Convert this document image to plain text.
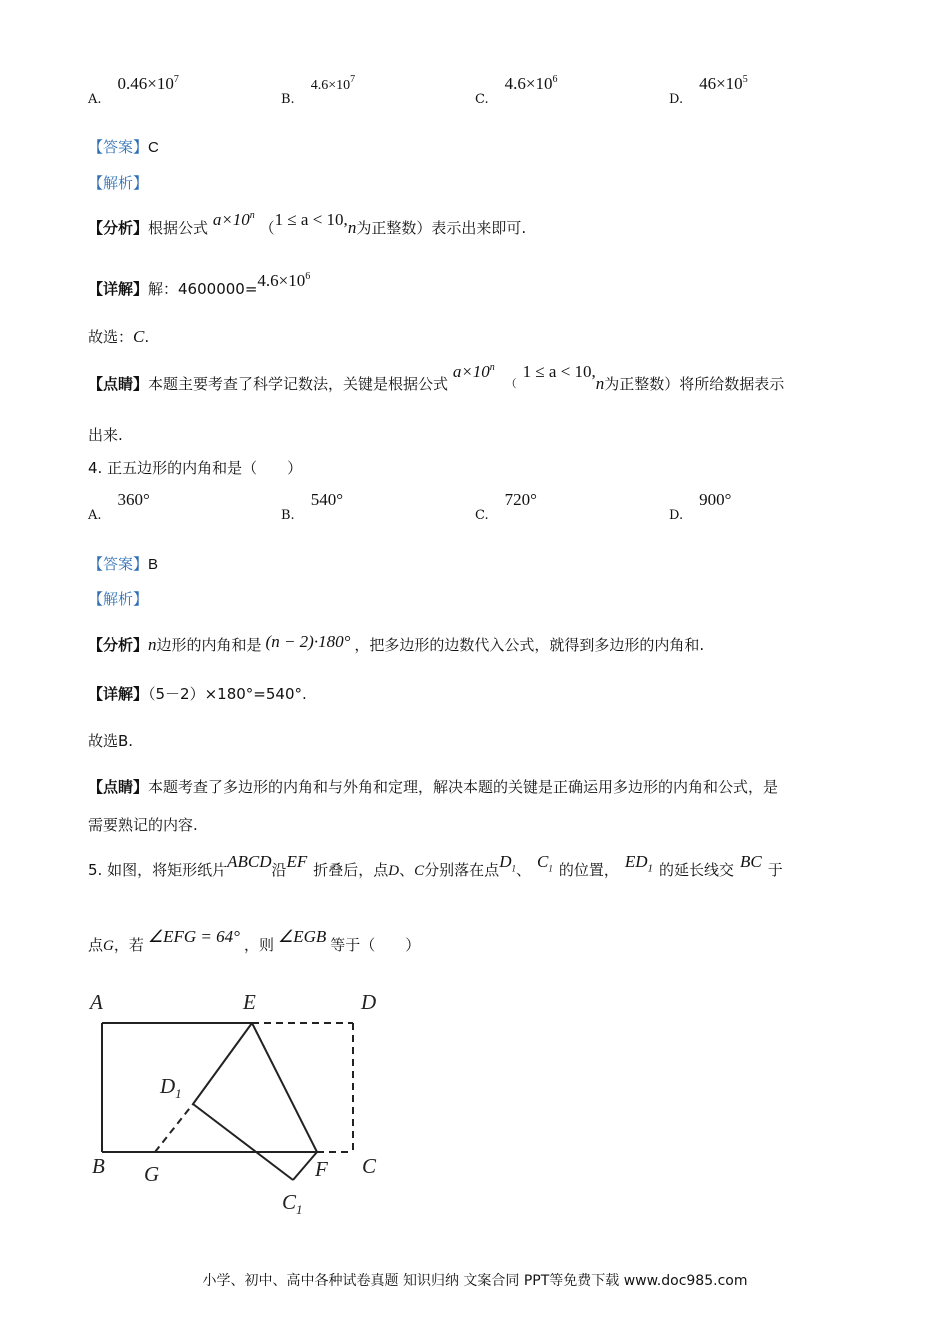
$A.0.46\times 10^7$
$B.4.6\times 10^7$
$C.4.6\times 10^6$
$D.46\times 10^5$
【答案】C
【解析】
【分析】根据公式 $a\times 10^n$ （1 ≤ a < 10,n为正整数）表示出来即可.
【详解】解：$4600000=4.6\times 10^6$
故选：C.
【点睛】本题主要考查了科学记数法，关键是根据公式 $a\times 10^n$ （1 ≤ a < 10,n为正整数）将所给数据表示
出来.
4. 正五边形的内角和是（　　）
A.360°
B.540°
C.720°
D.900°
【答案】B
【解析】
【分析】n边形的内角和是 (n − 2)·180° ，把多边形的边数代入公式，就得到多边形的内角和.
【详解】（5－2）×180°=540°.
故选B.
【点睛】本题考查了多边形的内角和与外角和定理，解决本题的关键是正确运用多边形的内角和公式，是
需要熟记的内容.
5. 如图，将矩形纸片ABCD沿EF 折叠后，点D、C分别落在点$D_1$、 $C_1$ 的位置， $ED_1$ 的延长线交 BC 于
点G，若 ∠EFG = 64° ，则 ∠EGB 等于（　　）
A	E	D
$D_1$
B G	F C
$C_1$
小学、初中、高中各种试卷真题 知识归纳 文案合同 PPT等免费下载 www.doc985.com
